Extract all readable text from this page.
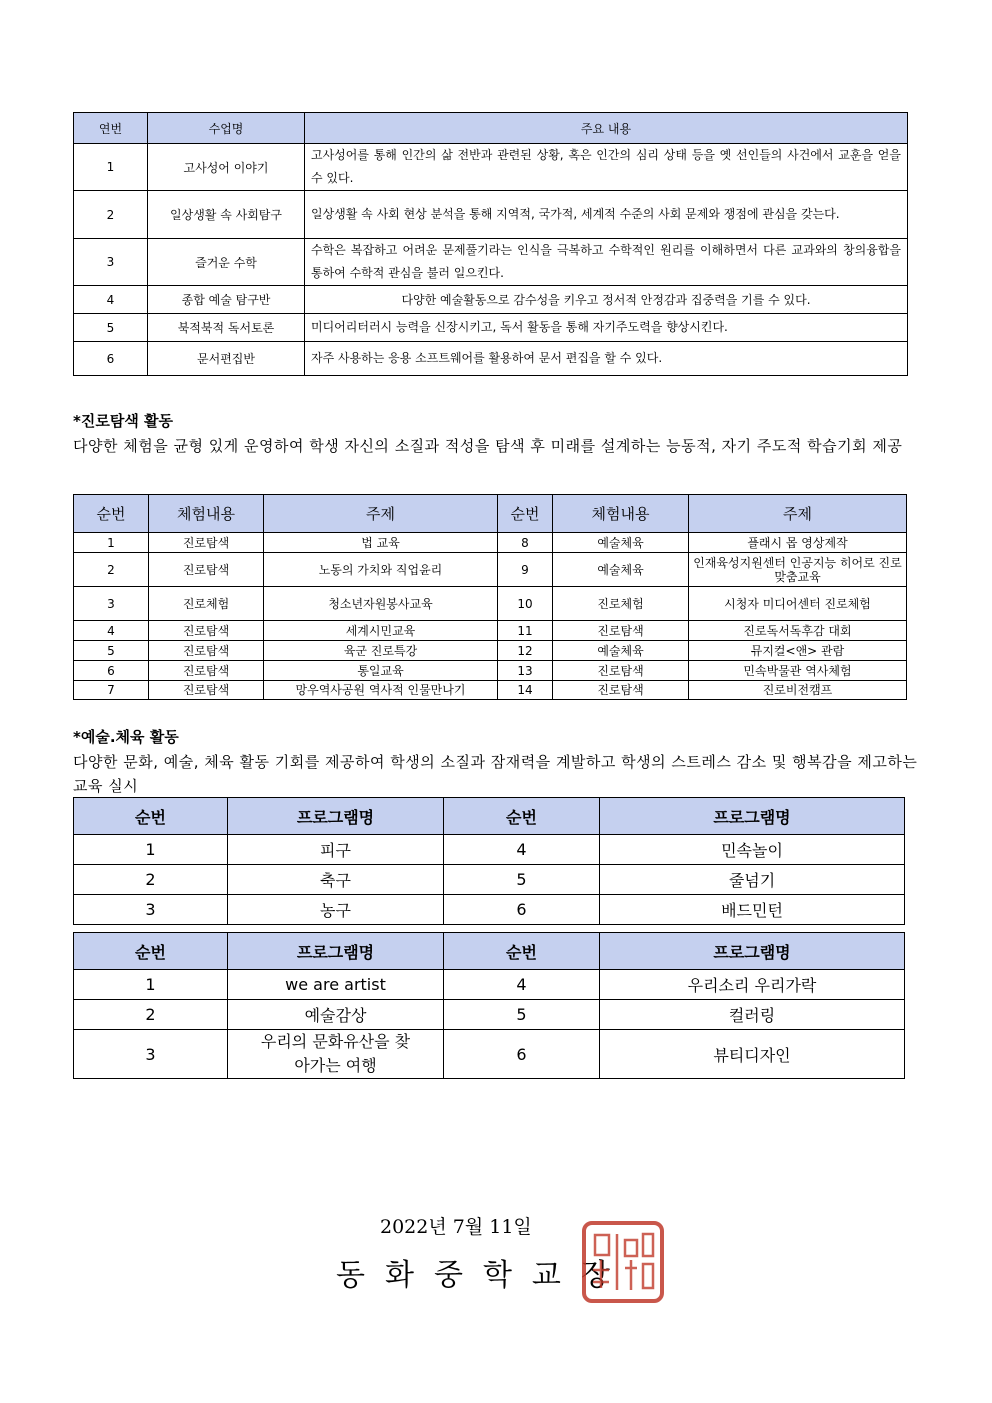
연번	수업명	주요 내용
1	고사성어 이야기	고사성어를 통해 인간의 삶 전반과 관련된 상황, 혹은 인간의 심리 상태 등을 옛 선인들의 사건에서 교훈을 얻을 수 있다.
2	일상생활 속 사회탐구	일상생활 속 사회 현상 분석을 통해 지역적, 국가적, 세계적 수준의 사회 문제와 쟁점에 관심을 갖는다.
3	즐거운 수학	수학은 복잡하고 어려운 문제풀기라는 인식을 극복하고 수학적인 원리를 이해하면서 다른 교과와의 창의융합을 통하여 수학적 관심을 불러 일으킨다.
4	종합 예술 탐구반	다양한 예술활동으로 감수성을 키우고 정서적 안정감과 집중력을 기를 수 있다.
5	북적북적 독서토론	미디어리터러시 능력을 신장시키고, 독서 활동을 통해 자기주도력을 향상시킨다.
6	문서편집반	자주 사용하는 응용 소프트웨어를 활용하여 문서 편집을 할 수 있다.
*진로탐색 활동
다양한 체험을 균형 있게 운영하여 학생 자신의 소질과 적성을 탐색 후 미래를 설계하는 능동적, 자기 주도적 학습기회 제공
순번	체험내용	주제	순번	체험내용	주제
1	진로탐색	법 교육	8	예술체육	플래시 몹 영상제작
2	진로탐색	노동의 가치와 직업윤리	9	예술체육	인재육성지원센터 인공지능 히어로 진로맞춤교육
3	진로체험	청소년자원봉사교육	10	진로체험	시청자 미디어센터 진로체험
4	진로탐색	세계시민교육	11	진로탐색	진로독서독후감 대회
5	진로탐색	육군 진로특강	12	예술체육	뮤지컬<앤> 관람
6	진로탐색	통일교육	13	진로탐색	민속박물관 역사체험
7	진로탐색	망우역사공원 역사적 인물만나기	14	진로탐색	진로비전캠프
*예술.체육 활동
다양한 문화, 예술, 체육 활동 기회를 제공하여 학생의 소질과 잠재력을 계발하고 학생의 스트레스 감소 및 행복감을 제고하는 교육 실시
순번	프로그램명	순번	프로그램명
1	피구	4	민속놀이
2	축구	5	줄넘기
3	농구	6	배드민턴
순번	프로그램명	순번	프로그램명
1	we are artist	4	우리소리 우리가락
2	예술감상	5	컬러링
3	우리의 문화유산을 찾아가는 여행	6	뷰티디자인
2022년 7월 11일
동화중학교장
